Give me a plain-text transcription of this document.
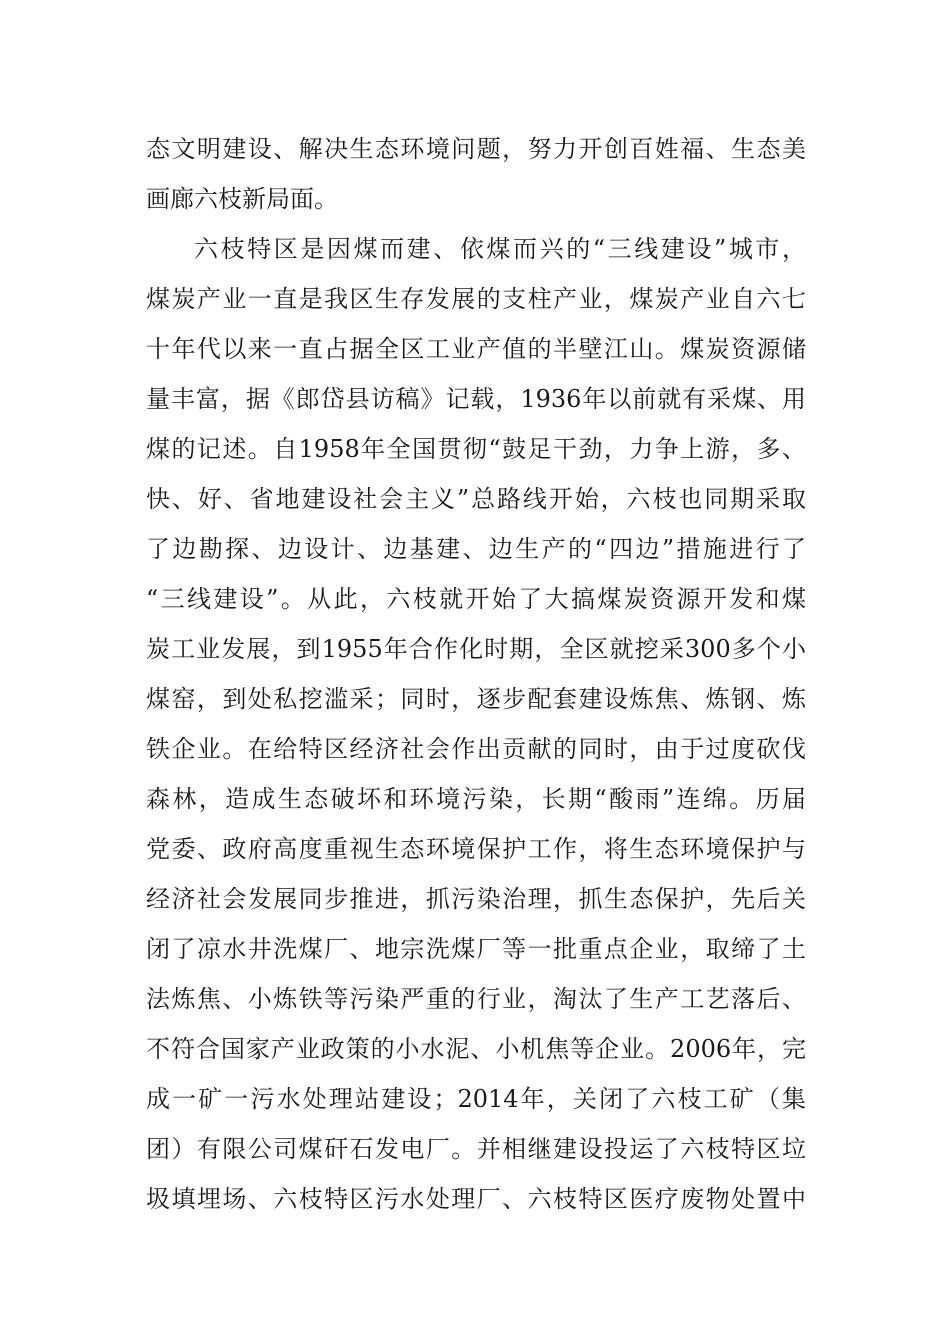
态文明建设、解决生态环境问题，努力开创百姓福、生态美
画廊六枝新局面。
六枝特区是因煤而建、依煤而兴的“三线建设”城市，
煤炭产业一直是我区生存发展的支柱产业，煤炭产业自六七
十年代以来一直占据全区工业产值的半壁江山。煤炭资源储
量丰富，据《郎岱县访稿》记载，1936年以前就有采煤、用
煤的记述。自1958年全国贯彻“鼓足干劲，力争上游，多、
快、好、省地建设社会主义”总路线开始，六枝也同期采取
了边勘探、边设计、边基建、边生产的“四边”措施进行了
“三线建设”。从此，六枝就开始了大搞煤炭资源开发和煤
炭工业发展，到1955年合作化时期，全区就挖采300多个小
煤窑，到处私挖滥采；同时，逐步配套建设炼焦、炼钢、炼
铁企业。在给特区经济社会作出贡献的同时，由于过度砍伐
森林，造成生态破坏和环境污染，长期“酸雨”连绵。历届
党委、政府高度重视生态环境保护工作，将生态环境保护与
经济社会发展同步推进，抓污染治理，抓生态保护，先后关
闭了凉水井洗煤厂、地宗洗煤厂等一批重点企业，取缔了土
法炼焦、小炼铁等污染严重的行业，淘汰了生产工艺落后、
不符合国家产业政策的小水泥、小机焦等企业。2006年，完
成一矿一污水处理站建设；2014年，关闭了六枝工矿（集
团）有限公司煤矸石发电厂。并相继建设投运了六枝特区垃
圾填埋场、六枝特区污水处理厂、六枝特区医疗废物处置中
